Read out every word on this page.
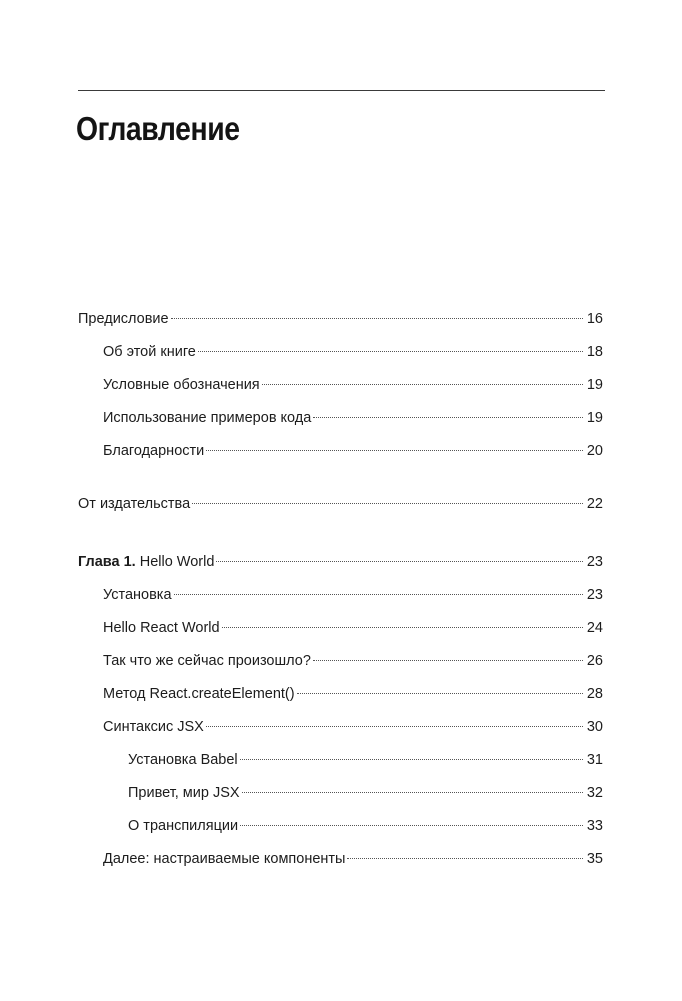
Оглавление
Предисловие	16
Об этой книге	18
Условные обозначения	19
Использование примеров кода	19
Благодарности	20
От издательства	22
Глава 1. Hello World	23
Установка	23
Hello React World	24
Так что же сейчас произошло?	26
Метод React.createElement()	28
Синтаксис JSX	30
Установка Babel	31
Привет, мир JSX	32
О транспиляции	33
Далее: настраиваемые компоненты	35
